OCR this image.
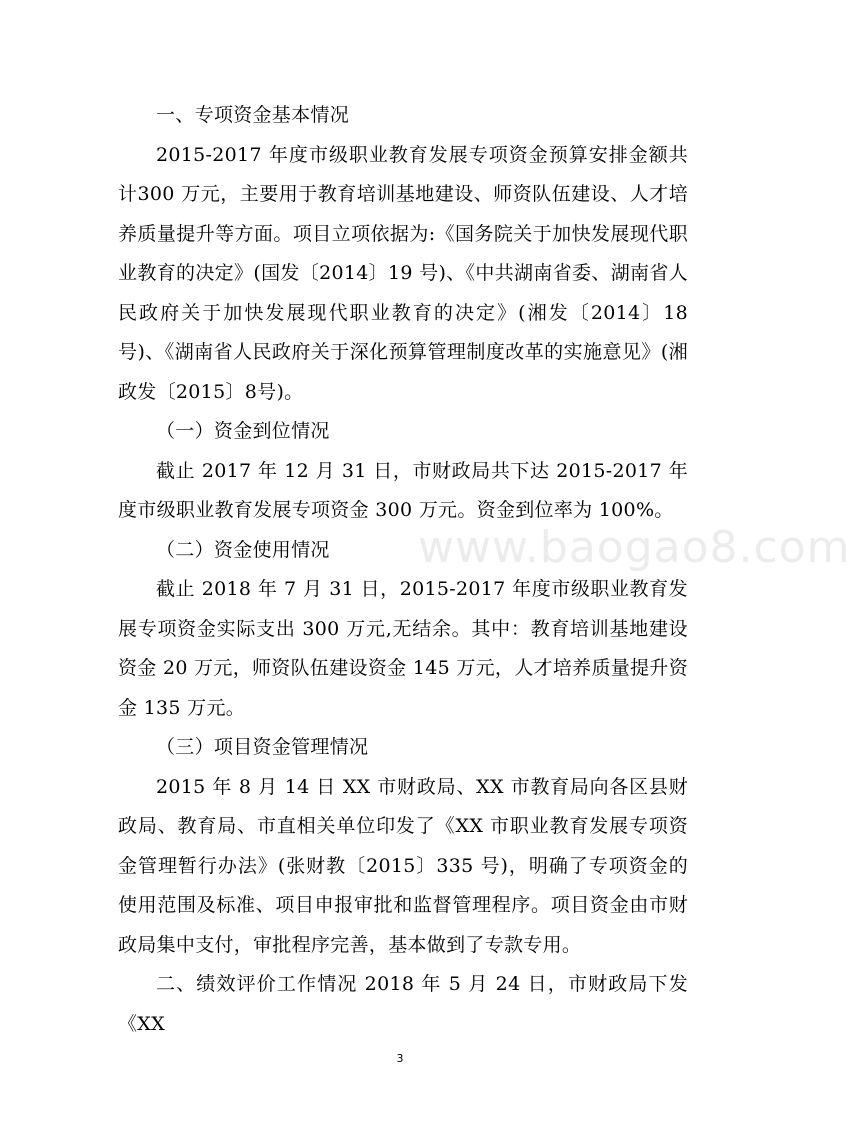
一、专项资金基本情况

2015-2017 年度市级职业教育发展专项资金预算安排金额共计300 万元，主要用于教育培训基地建设、师资队伍建设、人才培养质量提升等方面。项目立项依据为:《国务院关于加快发展现代职业教育的决定》(国发〔2014〕19 号)、《中共湖南省委、湖南省人民政府关于加快发展现代职业教育的决定》(湘发〔2014〕18 号)、《湖南省人民政府关于深化预算管理制度改革的实施意见》(湘政发〔2015〕8号)。

（一）资金到位情况

截止 2017 年 12 月 31 日，市财政局共下达 2015-2017 年度市级职业教育发展专项资金 300 万元。资金到位率为 100%。

（二）资金使用情况

截止 2018 年 7 月 31 日，2015-2017 年度市级职业教育发展专项资金实际支出 300 万元,无结余。其中：教育培训基地建设资金 20 万元，师资队伍建设资金 145 万元，人才培养质量提升资金 135 万元。

（三）项目资金管理情况

2015 年 8 月 14 日 XX 市财政局、XX 市教育局向各区县财政局、教育局、市直相关单位印发了《XX 市职业教育发展专项资金管理暂行办法》(张财教〔2015〕335 号)，明确了专项资金的使用范围及标准、项目申报审批和监督管理程序。项目资金由市财政局集中支付，审批程序完善，基本做到了专款专用。

二、绩效评价工作情况 2018 年 5 月 24 日，市财政局下发《XX

www.baogao8.com
3
